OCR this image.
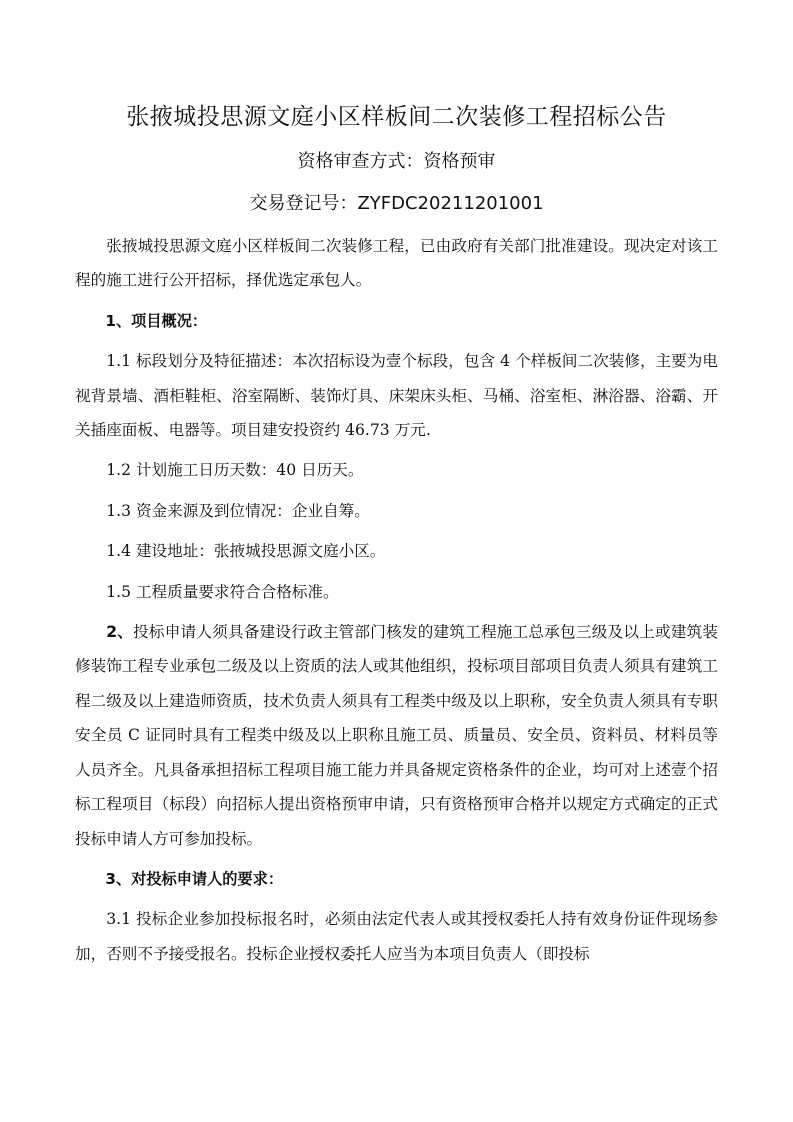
张掖城投思源文庭小区样板间二次装修工程招标公告
资格审查方式：资格预审
交易登记号：ZYFDC20211201001

张掖城投思源文庭小区样板间二次装修工程，已由政府有关部门批准建设。现决定对该工程的施工进行公开招标，择优选定承包人。

1、项目概况：

1.1 标段划分及特征描述：本次招标设为壹个标段，包含 4 个样板间二次装修，主要为电视背景墙、酒柜鞋柜、浴室隔断、装饰灯具、床架床头柜、马桶、浴室柜、淋浴器、浴霸、开关插座面板、电器等。项目建安投资约 46.73 万元.

1.2 计划施工日历天数：40 日历天。

1.3 资金来源及到位情况：企业自筹。

1.4 建设地址：张掖城投思源文庭小区。

1.5 工程质量要求符合合格标准。

2、投标申请人须具备建设行政主管部门核发的建筑工程施工总承包三级及以上或建筑装修装饰工程专业承包二级及以上资质的法人或其他组织，投标项目部项目负责人须具有建筑工程二级及以上建造师资质，技术负责人须具有工程类中级及以上职称，安全负责人须具有专职安全员 C 证同时具有工程类中级及以上职称且施工员、质量员、安全员、资料员、材料员等人员齐全。凡具备承担招标工程项目施工能力并具备规定资格条件的企业，均可对上述壹个招标工程项目（标段）向招标人提出资格预审申请，只有资格预审合格并以规定方式确定的正式投标申请人方可参加投标。

3、对投标申请人的要求：

3.1 投标企业参加投标报名时，必须由法定代表人或其授权委托人持有效身份证件现场参加，否则不予接受报名。投标企业授权委托人应当为本项目负责人（即投标
